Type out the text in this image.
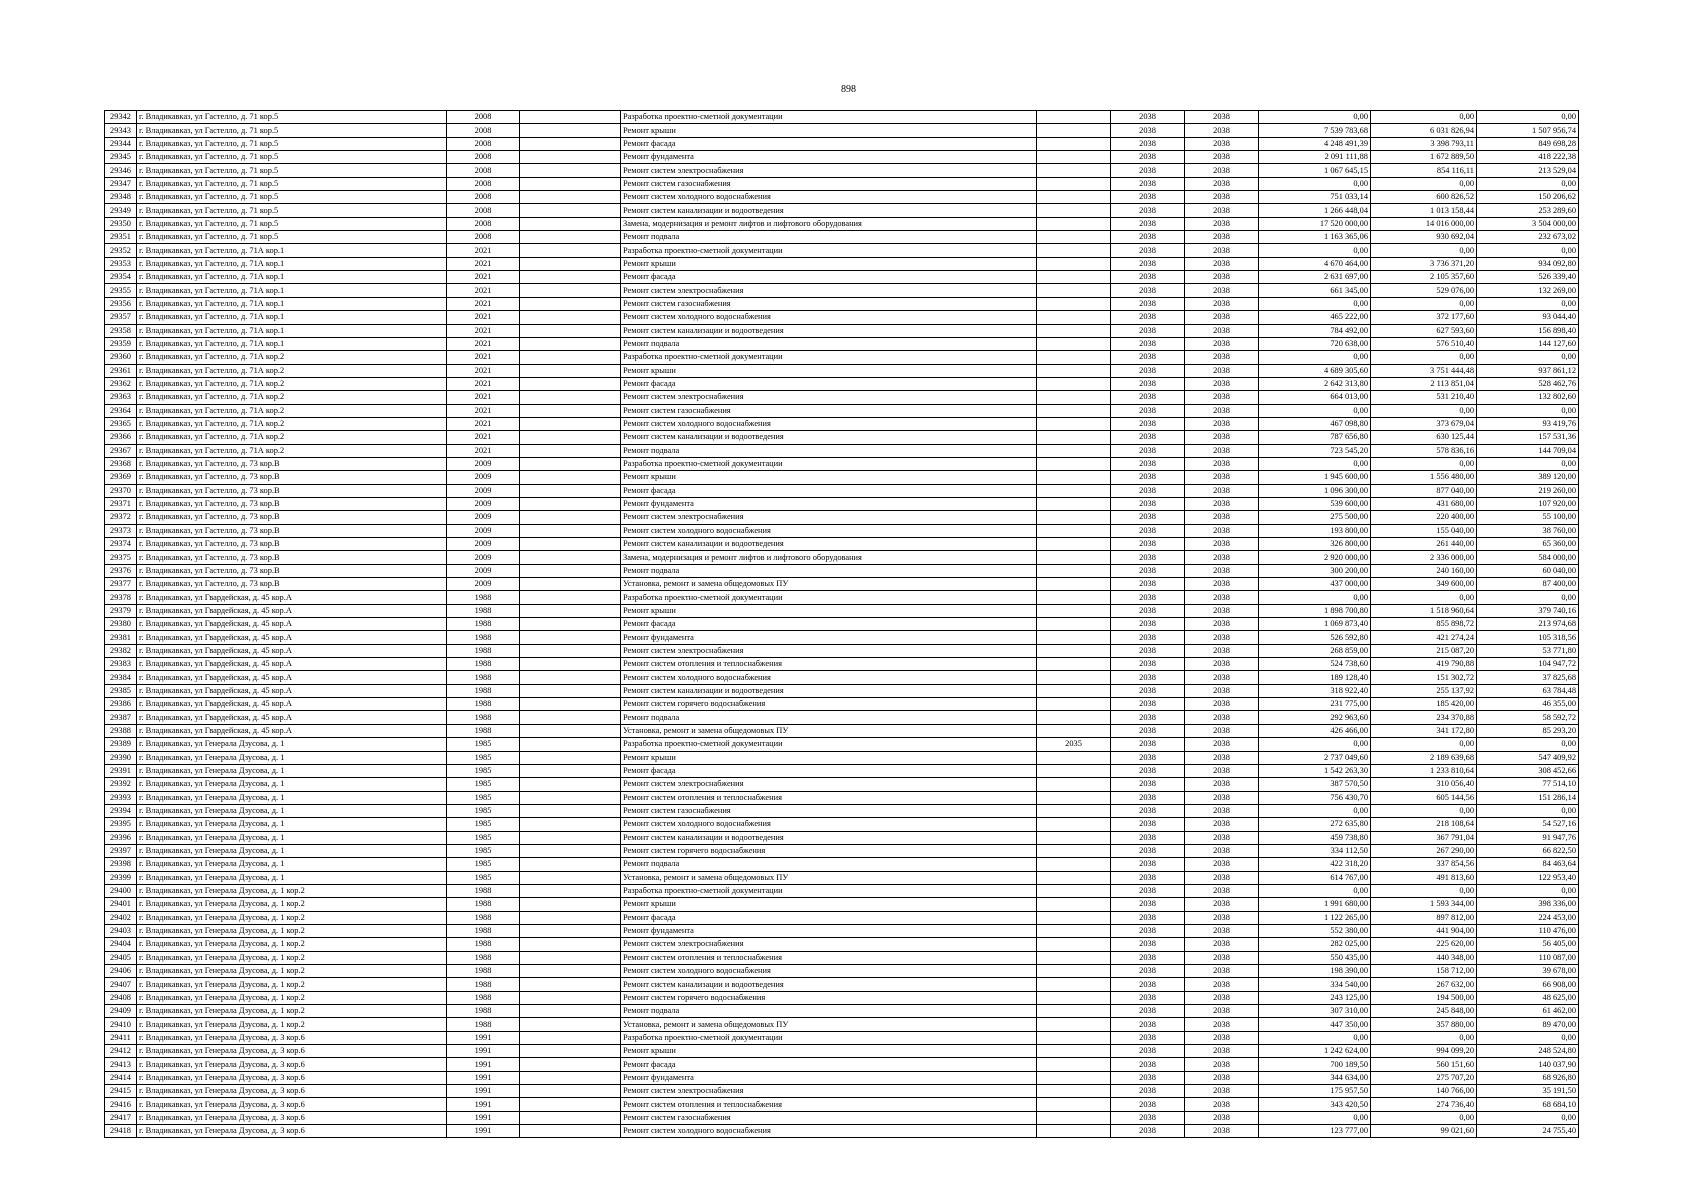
898
29342	г. Владикавказ, ул Гастелло, д. 71 кор.5	2008		Разработка проектно-сметной документации		2038	2038	0,00	0,00	0,00
29343	г. Владикавказ, ул Гастелло, д. 71 кор.5	2008		Ремонт крыши		2038	2038	7 539 783,68	6 031 826,94	1 507 956,74
29344	г. Владикавказ, ул Гастелло, д. 71 кор.5	2008		Ремонт фасада		2038	2038	4 248 491,39	3 398 793,11	849 698,28
29345	г. Владикавказ, ул Гастелло, д. 71 кор.5	2008		Ремонт фундамента		2038	2038	2 091 111,88	1 672 889,50	418 222,38
29346	г. Владикавказ, ул Гастелло, д. 71 кор.5	2008		Ремонт систем электроснабжения		2038	2038	1 067 645,15	854 116,11	213 529,04
29347	г. Владикавказ, ул Гастелло, д. 71 кор.5	2008		Ремонт систем газоснабжения		2038	2038	0,00	0,00	0,00
29348	г. Владикавказ, ул Гастелло, д. 71 кор.5	2008		Ремонт систем холодного водоснабжения		2038	2038	751 033,14	600 826,52	150 206,62
29349	г. Владикавказ, ул Гастелло, д. 71 кор.5	2008		Ремонт систем канализации и водоотведения		2038	2038	1 266 448,04	1 013 158,44	253 289,60
29350	г. Владикавказ, ул Гастелло, д. 71 кор.5	2008		Замена, модернизация и ремонт лифтов и лифтового оборудования		2038	2038	17 520 000,00	14 016 000,00	3 504 000,00
29351	г. Владикавказ, ул Гастелло, д. 71 кор.5	2008		Ремонт подвала		2038	2038	1 163 365,06	930 692,04	232 673,02
29352	г. Владикавказ, ул Гастелло, д. 71А кор.1	2021		Разработка проектно-сметной документации		2038	2038	0,00	0,00	0,00
29353	г. Владикавказ, ул Гастелло, д. 71А кор.1	2021		Ремонт крыши		2038	2038	4 670 464,00	3 736 371,20	934 092,80
29354	г. Владикавказ, ул Гастелло, д. 71А кор.1	2021		Ремонт фасада		2038	2038	2 631 697,00	2 105 357,60	526 339,40
29355	г. Владикавказ, ул Гастелло, д. 71А кор.1	2021		Ремонт систем электроснабжения		2038	2038	661 345,00	529 076,00	132 269,00
29356	г. Владикавказ, ул Гастелло, д. 71А кор.1	2021		Ремонт систем газоснабжения		2038	2038	0,00	0,00	0,00
29357	г. Владикавказ, ул Гастелло, д. 71А кор.1	2021		Ремонт систем холодного водоснабжения		2038	2038	465 222,00	372 177,60	93 044,40
29358	г. Владикавказ, ул Гастелло, д. 71А кор.1	2021		Ремонт систем канализации и водоотведения		2038	2038	784 492,00	627 593,60	156 898,40
29359	г. Владикавказ, ул Гастелло, д. 71А кор.1	2021		Ремонт подвала		2038	2038	720 638,00	576 510,40	144 127,60
29360	г. Владикавказ, ул Гастелло, д. 71А кор.2	2021		Разработка проектно-сметной документации		2038	2038	0,00	0,00	0,00
29361	г. Владикавказ, ул Гастелло, д. 71А кор.2	2021		Ремонт крыши		2038	2038	4 689 305,60	3 751 444,48	937 861,12
29362	г. Владикавказ, ул Гастелло, д. 71А кор.2	2021		Ремонт фасада		2038	2038	2 642 313,80	2 113 851,04	528 462,76
29363	г. Владикавказ, ул Гастелло, д. 71А кор.2	2021		Ремонт систем электроснабжения		2038	2038	664 013,00	531 210,40	132 802,60
29364	г. Владикавказ, ул Гастелло, д. 71А кор.2	2021		Ремонт систем газоснабжения		2038	2038	0,00	0,00	0,00
29365	г. Владикавказ, ул Гастелло, д. 71А кор.2	2021		Ремонт систем холодного водоснабжения		2038	2038	467 098,80	373 679,04	93 419,76
29366	г. Владикавказ, ул Гастелло, д. 71А кор.2	2021		Ремонт систем канализации и водоотведения		2038	2038	787 656,80	630 125,44	157 531,36
29367	г. Владикавказ, ул Гастелло, д. 71А кор.2	2021		Ремонт подвала		2038	2038	723 545,20	578 836,16	144 709,04
29368	г. Владикавказ, ул Гастелло, д. 73 кор.В	2009		Разработка проектно-сметной документации		2038	2038	0,00	0,00	0,00
29369	г. Владикавказ, ул Гастелло, д. 73 кор.В	2009		Ремонт крыши		2038	2038	1 945 600,00	1 556 480,00	389 120,00
29370	г. Владикавказ, ул Гастелло, д. 73 кор.В	2009		Ремонт фасада		2038	2038	1 096 300,00	877 040,00	219 260,00
29371	г. Владикавказ, ул Гастелло, д. 73 кор.В	2009		Ремонт фундамента		2038	2038	539 600,00	431 680,00	107 920,00
29372	г. Владикавказ, ул Гастелло, д. 73 кор.В	2009		Ремонт систем электроснабжения		2038	2038	275 500,00	220 400,00	55 100,00
29373	г. Владикавказ, ул Гастелло, д. 73 кор.В	2009		Ремонт систем холодного водоснабжения		2038	2038	193 800,00	155 040,00	38 760,00
29374	г. Владикавказ, ул Гастелло, д. 73 кор.В	2009		Ремонт систем канализации и водоотведения		2038	2038	326 800,00	261 440,00	65 360,00
29375	г. Владикавказ, ул Гастелло, д. 73 кор.В	2009		Замена, модернизация и ремонт лифтов и лифтового оборудования		2038	2038	2 920 000,00	2 336 000,00	584 000,00
29376	г. Владикавказ, ул Гастелло, д. 73 кор.В	2009		Ремонт подвала		2038	2038	300 200,00	240 160,00	60 040,00
29377	г. Владикавказ, ул Гастелло, д. 73 кор.В	2009		Установка, ремонт и замена общедомовых ПУ		2038	2038	437 000,00	349 600,00	87 400,00
29378	г. Владикавказ, ул Гвардейская, д. 45 кор.А	1988		Разработка проектно-сметной документации		2038	2038	0,00	0,00	0,00
29379	г. Владикавказ, ул Гвардейская, д. 45 кор.А	1988		Ремонт крыши		2038	2038	1 898 700,80	1 518 960,64	379 740,16
29380	г. Владикавказ, ул Гвардейская, д. 45 кор.А	1988		Ремонт фасада		2038	2038	1 069 873,40	855 898,72	213 974,68
29381	г. Владикавказ, ул Гвардейская, д. 45 кор.А	1988		Ремонт фундамента		2038	2038	526 592,80	421 274,24	105 318,56
29382	г. Владикавказ, ул Гвардейская, д. 45 кор.А	1988		Ремонт систем электроснабжения		2038	2038	268 859,00	215 087,20	53 771,80
29383	г. Владикавказ, ул Гвардейская, д. 45 кор.А	1988		Ремонт систем отопления и теплоснабжения		2038	2038	524 738,60	419 790,88	104 947,72
29384	г. Владикавказ, ул Гвардейская, д. 45 кор.А	1988		Ремонт систем холодного водоснабжения		2038	2038	189 128,40	151 302,72	37 825,68
29385	г. Владикавказ, ул Гвардейская, д. 45 кор.А	1988		Ремонт систем канализации и водоотведения		2038	2038	318 922,40	255 137,92	63 784,48
29386	г. Владикавказ, ул Гвардейская, д. 45 кор.А	1988		Ремонт систем горячего водоснабжения		2038	2038	231 775,00	185 420,00	46 355,00
29387	г. Владикавказ, ул Гвардейская, д. 45 кор.А	1988		Ремонт подвала		2038	2038	292 963,60	234 370,88	58 592,72
29388	г. Владикавказ, ул Гвардейская, д. 45 кор.А	1988		Установка, ремонт и замена общедомовых ПУ		2038	2038	426 466,00	341 172,80	85 293,20
29389	г. Владикавказ, ул Генерала Дзусова, д. 1	1985		Разработка проектно-сметной документации	2035	2038	2038	0,00	0,00	0,00
29390	г. Владикавказ, ул Генерала Дзусова, д. 1	1985		Ремонт крыши		2038	2038	2 737 049,60	2 189 639,68	547 409,92
29391	г. Владикавказ, ул Генерала Дзусова, д. 1	1985		Ремонт фасада		2038	2038	1 542 263,30	1 233 810,64	308 452,66
29392	г. Владикавказ, ул Генерала Дзусова, д. 1	1985		Ремонт систем электроснабжения		2038	2038	387 570,50	310 056,40	77 514,10
29393	г. Владикавказ, ул Генерала Дзусова, д. 1	1985		Ремонт систем отопления и теплоснабжения		2038	2038	756 430,70	605 144,56	151 286,14
29394	г. Владикавказ, ул Генерала Дзусова, д. 1	1985		Ремонт систем газоснабжения		2038	2038	0,00	0,00	0,00
29395	г. Владикавказ, ул Генерала Дзусова, д. 1	1985		Ремонт систем холодного водоснабжения		2038	2038	272 635,80	218 108,64	54 527,16
29396	г. Владикавказ, ул Генерала Дзусова, д. 1	1985		Ремонт систем канализации и водоотведения		2038	2038	459 738,80	367 791,04	91 947,76
29397	г. Владикавказ, ул Генерала Дзусова, д. 1	1985		Ремонт систем горячего водоснабжения		2038	2038	334 112,50	267 290,00	66 822,50
29398	г. Владикавказ, ул Генерала Дзусова, д. 1	1985		Ремонт подвала		2038	2038	422 318,20	337 854,56	84 463,64
29399	г. Владикавказ, ул Генерала Дзусова, д. 1	1985		Установка, ремонт и замена общедомовых ПУ		2038	2038	614 767,00	491 813,60	122 953,40
29400	г. Владикавказ, ул Генерала Дзусова, д. 1 кор.2	1988		Разработка проектно-сметной документации		2038	2038	0,00	0,00	0,00
29401	г. Владикавказ, ул Генерала Дзусова, д. 1 кор.2	1988		Ремонт крыши		2038	2038	1 991 680,00	1 593 344,00	398 336,00
29402	г. Владикавказ, ул Генерала Дзусова, д. 1 кор.2	1988		Ремонт фасада		2038	2038	1 122 265,00	897 812,00	224 453,00
29403	г. Владикавказ, ул Генерала Дзусова, д. 1 кор.2	1988		Ремонт фундамента		2038	2038	552 380,00	441 904,00	110 476,00
29404	г. Владикавказ, ул Генерала Дзусова, д. 1 кор.2	1988		Ремонт систем электроснабжения		2038	2038	282 025,00	225 620,00	56 405,00
29405	г. Владикавказ, ул Генерала Дзусова, д. 1 кор.2	1988		Ремонт систем отопления и теплоснабжения		2038	2038	550 435,00	440 348,00	110 087,00
29406	г. Владикавказ, ул Генерала Дзусова, д. 1 кор.2	1988		Ремонт систем холодного водоснабжения		2038	2038	198 390,00	158 712,00	39 678,00
29407	г. Владикавказ, ул Генерала Дзусова, д. 1 кор.2	1988		Ремонт систем канализации и водоотведения		2038	2038	334 540,00	267 632,00	66 908,00
29408	г. Владикавказ, ул Генерала Дзусова, д. 1 кор.2	1988		Ремонт систем горячего водоснабжения		2038	2038	243 125,00	194 500,00	48 625,00
29409	г. Владикавказ, ул Генерала Дзусова, д. 1 кор.2	1988		Ремонт подвала		2038	2038	307 310,00	245 848,00	61 462,00
29410	г. Владикавказ, ул Генерала Дзусова, д. 1 кор.2	1988		Установка, ремонт и замена общедомовых ПУ		2038	2038	447 350,00	357 880,00	89 470,00
29411	г. Владикавказ, ул Генерала Дзусова, д. 3 кор.6	1991		Разработка проектно-сметной документации		2038	2038	0,00	0,00	0,00
29412	г. Владикавказ, ул Генерала Дзусова, д. 3 кор.6	1991		Ремонт крыши		2038	2038	1 242 624,00	994 099,20	248 524,80
29413	г. Владикавказ, ул Генерала Дзусова, д. 3 кор.6	1991		Ремонт фасада		2038	2038	700 189,50	560 151,60	140 037,90
29414	г. Владикавказ, ул Генерала Дзусова, д. 3 кор.6	1991		Ремонт фундамента		2038	2038	344 634,00	275 707,20	68 926,80
29415	г. Владикавказ, ул Генерала Дзусова, д. 3 кор.6	1991		Ремонт систем электроснабжения		2038	2038	175 957,50	140 766,00	35 191,50
29416	г. Владикавказ, ул Генерала Дзусова, д. 3 кор.6	1991		Ремонт систем отопления и теплоснабжения		2038	2038	343 420,50	274 736,40	68 684,10
29417	г. Владикавказ, ул Генерала Дзусова, д. 3 кор.6	1991		Ремонт систем газоснабжения		2038	2038	0,00	0,00	0,00
29418	г. Владикавказ, ул Генерала Дзусова, д. 3 кор.6	1991		Ремонт систем холодного водоснабжения		2038	2038	123 777,00	99 021,60	24 755,40
